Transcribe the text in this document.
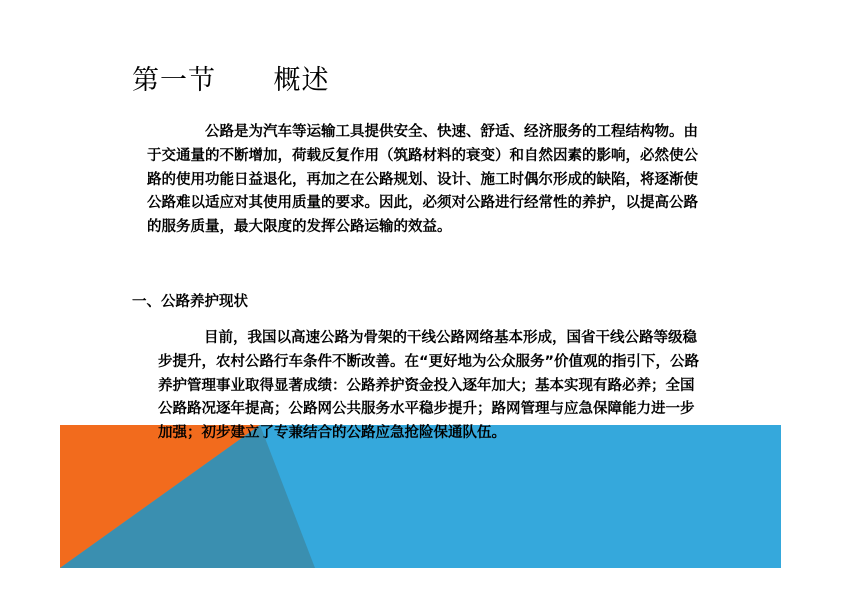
第一节      概述

公路是为汽车等运输工具提供安全、快速、舒适、经济服务的工程结构物。由于交通量的不断增加，荷载反复作用（筑路材料的衰变）和自然因素的影响，必然使公路的使用功能日益退化，再加之在公路规划、设计、施工时偶尔形成的缺陷，将逐渐使公路难以适应对其使用质量的要求。因此，必须对公路进行经常性的养护，以提高公路的服务质量，最大限度的发挥公路运输的效益。

一、公路养护现状

目前，我国以高速公路为骨架的干线公路网络基本形成，国省干线公路等级稳步提升，农村公路行车条件不断改善。在“更好地为公众服务”价值观的指引下，公路养护管理事业取得显著成绩：公路养护资金投入逐年加大；基本实现有路必养；全国公路路况逐年提高；公路网公共服务水平稳步提升；路网管理与应急保障能力进一步加强；初步建立了专兼结合的公路应急抢险保通队伍。
